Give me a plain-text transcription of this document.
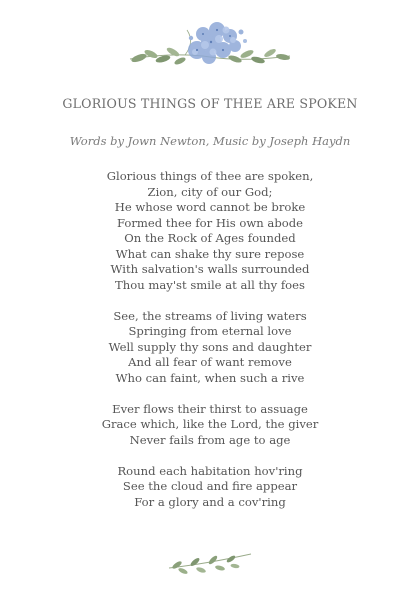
GLORIOUS THINGS OF THEE ARE SPOKEN
Words by Jown Newton, Music by Joseph Haydn
Glorious things of thee are spoken,
Zion, city of our God;
He whose word cannot be broke
Formed thee for His own abode
On the Rock of Ages founded
What can shake thy sure repose
With salvation's walls surrounded
Thou may'st smile at all thy foes
See, the streams of living waters
Springing from eternal love
Well supply thy sons and daughter
And all fear of want remove
Who can faint, when such a rive
Ever flows their thirst to assuage
Grace which, like the Lord, the giver
Never fails from age to age
Round each habitation hov'ring
See the cloud and fire appear
For a glory and a cov'ring
